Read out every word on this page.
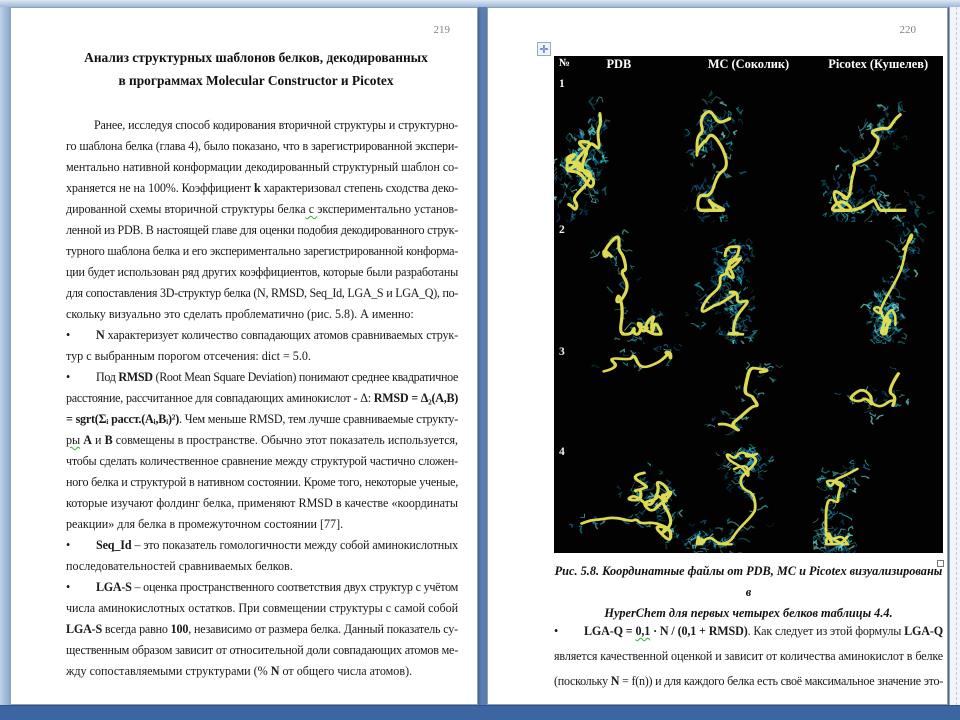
219
Анализ структурных шаблонов белков, декодированных
в программах Molecular Constructor и Picotex
Ранее, исследуя способ кодирования вторичной структуры и структурно-
го шаблона белка (глава 4), было показано, что в зарегистрированной экспери-
ментально нативной конформации декодированный структурный шаблон со-
храняется не на 100%. Коэффициент k характеризовал степень сходства деко-
дированной схемы вторичной структуры белка с экспериментально установ-
ленной из PDB. В настоящей главе для оценки подобия декодированного струк-
турного шаблона белка и его экспериментально зарегистрированной конформа-
ции будет использован ряд других коэффициентов, которые были разработаны
для сопоставления 3D-структур белка (N, RMSD, Seq_Id, LGA_S и LGA_Q), по-
скольку визуально это сделать проблематично (рис. 5.8). А именно:
• N характеризует количество совпадающих атомов сравниваемых струк-
тур с выбранным порогом отсечения: dict = 5.0.
• Под RMSD (Root Mean Square Deviation) понимают среднее квадратичное
расстояние, рассчитанное для совпадающих аминокислот - Δ: RMSD = Δ₂(A,B)
= sgrt(Σᵢ расст.(Aᵢ,Bᵢ)²). Чем меньше RMSD, тем лучше сравниваемые структу-
ры A и B совмещены в пространстве. Обычно этот показатель используется,
чтобы сделать количественное сравнение между структурой частично сложен-
ного белка и структурой в нативном состоянии. Кроме того, некоторые ученые,
которые изучают фолдинг белка, применяют RMSD в качестве «координаты
реакции» для белка в промежуточном состоянии [77].
• Seq_Id – это показатель гомологичности между собой аминокислотных
последовательностей сравниваемых белков.
• LGA-S – оценка пространственного соответствия двух структур с учётом
числа аминокислотных остатков. При совмещении структуры с самой собой
LGA-S всегда равно 100, независимо от размера белка. Данный показатель су-
щественным образом зависит от относительной доли совпадающих атомов ме-
жду сопоставляемыми структурами (% N от общего числа атомов).
220
№	PDB	МС (Соколик)	Picotex (Кушелев)
1
2
3
4
✛
Рис. 5.8. Координатные файлы от PDB, МС и Picotex визуализированы в
HyperChem для первых четырех белков таблицы 4.4.
• LGA-Q = 0,1 · N / (0,1 + RMSD). Как следует из этой формулы LGA-Q
является качественной оценкой и зависит от количества аминокислот в белке
(поскольку N = f(n)) и для каждого белка есть своё максимальное значение это-
